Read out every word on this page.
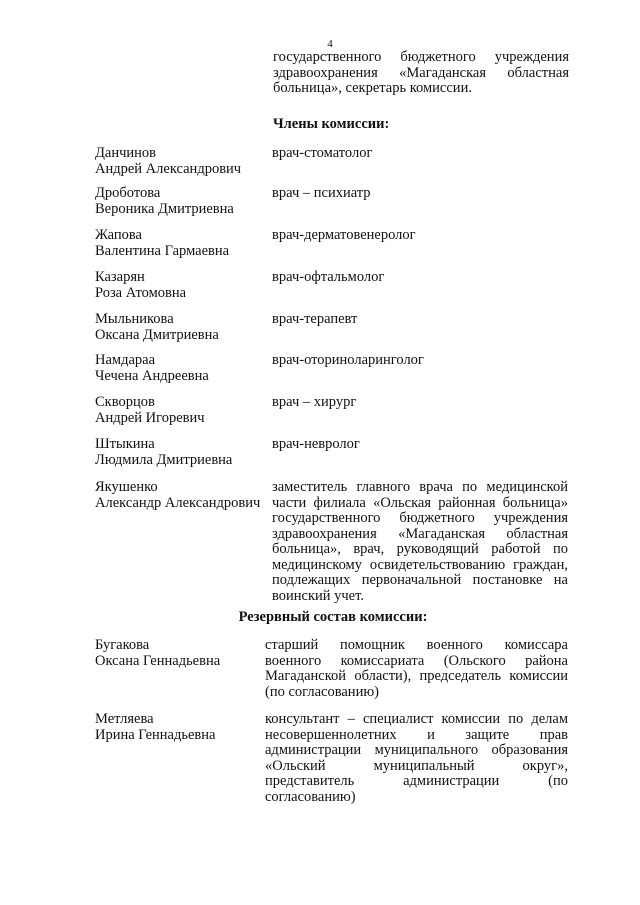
4
государственного бюджетного учреждения здравоохранения «Магаданская областная больница», секретарь комиссии.
Члены комиссии:
Данчинов
Андрей Александрович
врач-стоматолог
Дроботова
Вероника Дмитриевна
врач – психиатр
Жапова
Валентина Гармаевна
врач-дерматовенеролог
Казарян
Роза Атомовна
врач-офтальмолог
Мыльникова
Оксана Дмитриевна
врач-терапевт
Намдараа
Чечена Андреевна
врач-оториноларинголог
Скворцов
Андрей Игоревич
врач – хирург
Штыкина
Людмила Дмитриевна
врач-невролог
Якушенко
Александр Александрович
заместитель главного врача по медицинской части филиала «Ольская районная больница» государственного бюджетного учреждения здравоохранения «Магаданская областная больница», врач, руководящий работой по медицинскому освидетельствованию граждан, подлежащих первоначальной постановке на воинский учет.
Резервный состав комиссии:
Бугакова
Оксана Геннадьевна
старший помощник военного комиссара военного комиссариата (Ольского района Магаданской области), председатель комиссии (по согласованию)
Метляева
Ирина Геннадьевна
консультант – специалист комиссии по делам несовершеннолетних и защите прав администрации муниципального образования «Ольский муниципальный округ», представитель администрации (по согласованию)
